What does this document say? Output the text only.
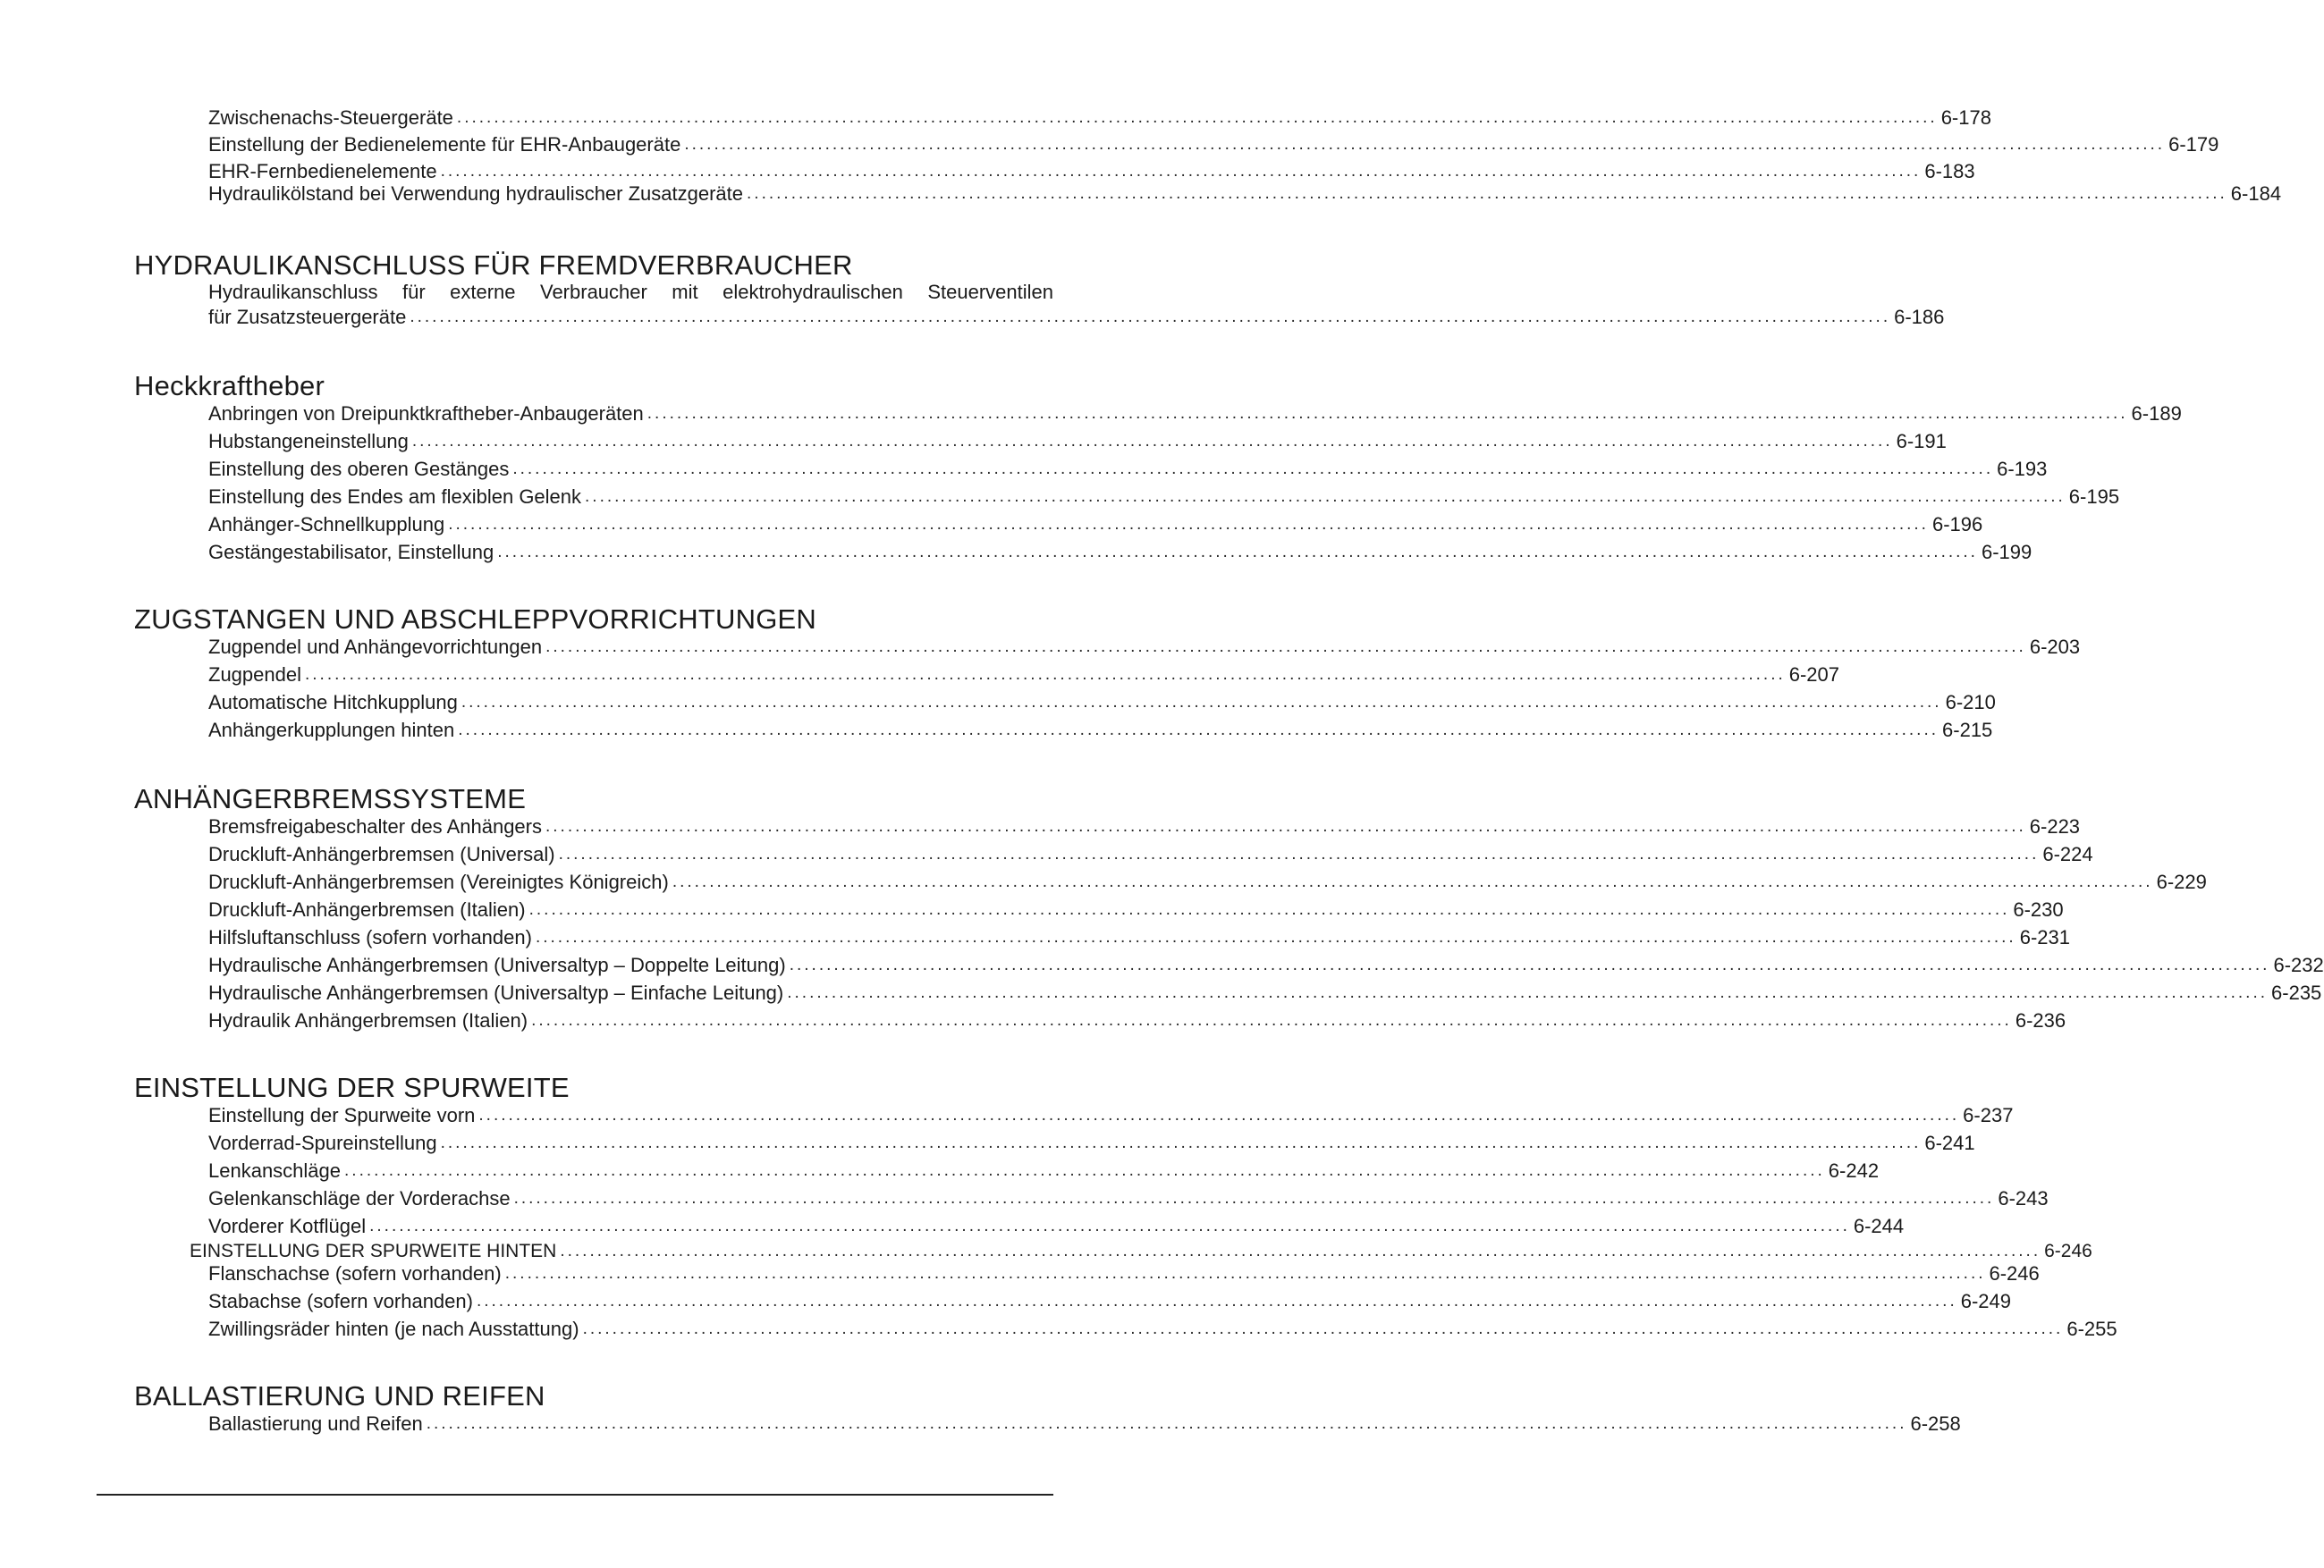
Zwischenachs-Steuergeräte ........................................................................................................................................................................................................ 6-178
Einstellung der Bedienelemente für EHR-Anbaugeräte ........................................................................................................................................................................................................ 6-179
EHR-Fernbedienelemente ........................................................................................................................................................................................................ 6-183
Hydraulikölstand bei Verwendung hydraulischer Zusatzgeräte ........................................................................................................................................................................................................ 6-184
HYDRAULIKANSCHLUSS FÜR FREMDVERBRAUCHER
Hydraulikanschluss für externe Verbraucher mit elektrohydraulischen Steuerventilen
für Zusatzsteuergeräte ........................................................................................................................................................................................................ 6-186
Heckkraftheber
Anbringen von Dreipunktkraftheber-Anbaugeräten ........................................................................................................................................................................................................ 6-189
Hubstangeneinstellung ........................................................................................................................................................................................................ 6-191
Einstellung des oberen Gestänges ........................................................................................................................................................................................................ 6-193
Einstellung des Endes am flexiblen Gelenk ........................................................................................................................................................................................................ 6-195
Anhänger-Schnellkupplung ........................................................................................................................................................................................................ 6-196
Gestängestabilisator, Einstellung ........................................................................................................................................................................................................ 6-199
ZUGSTANGEN UND ABSCHLEPPVORRICHTUNGEN
Zugpendel und Anhängevorrichtungen ........................................................................................................................................................................................................ 6-203
Zugpendel ........................................................................................................................................................................................................ 6-207
Automatische Hitchkupplung ........................................................................................................................................................................................................ 6-210
Anhängerkupplungen hinten ........................................................................................................................................................................................................ 6-215
ANHÄNGERBREMSSYSTEME
Bremsfreigabeschalter des Anhängers ........................................................................................................................................................................................................ 6-223
Druckluft-Anhängerbremsen (Universal) ........................................................................................................................................................................................................ 6-224
Druckluft-Anhängerbremsen (Vereinigtes Königreich) ........................................................................................................................................................................................................ 6-229
Druckluft-Anhängerbremsen (Italien) ........................................................................................................................................................................................................ 6-230
Hilfsluftanschluss (sofern vorhanden) ........................................................................................................................................................................................................ 6-231
Hydraulische Anhängerbremsen (Universaltyp – Doppelte Leitung) ........................................................................................................................................................................................................ 6-232
Hydraulische Anhängerbremsen (Universaltyp – Einfache Leitung) ........................................................................................................................................................................................................ 6-235
Hydraulik Anhängerbremsen (Italien) ........................................................................................................................................................................................................ 6-236
EINSTELLUNG DER SPURWEITE
Einstellung der Spurweite vorn ........................................................................................................................................................................................................ 6-237
Vorderrad-Spureinstellung ........................................................................................................................................................................................................ 6-241
Lenkanschläge ........................................................................................................................................................................................................ 6-242
Gelenkanschläge der Vorderachse ........................................................................................................................................................................................................ 6-243
Vorderer Kotflügel ........................................................................................................................................................................................................ 6-244
EINSTELLUNG DER SPURWEITE HINTEN ........................................................................................................................................................................................................ 6-246
Flanschachse (sofern vorhanden) ........................................................................................................................................................................................................ 6-246
Stabachse (sofern vorhanden) ........................................................................................................................................................................................................ 6-249
Zwillingsräder hinten (je nach Ausstattung) ........................................................................................................................................................................................................ 6-255
BALLASTIERUNG UND REIFEN
Ballastierung und Reifen ........................................................................................................................................................................................................ 6-258
